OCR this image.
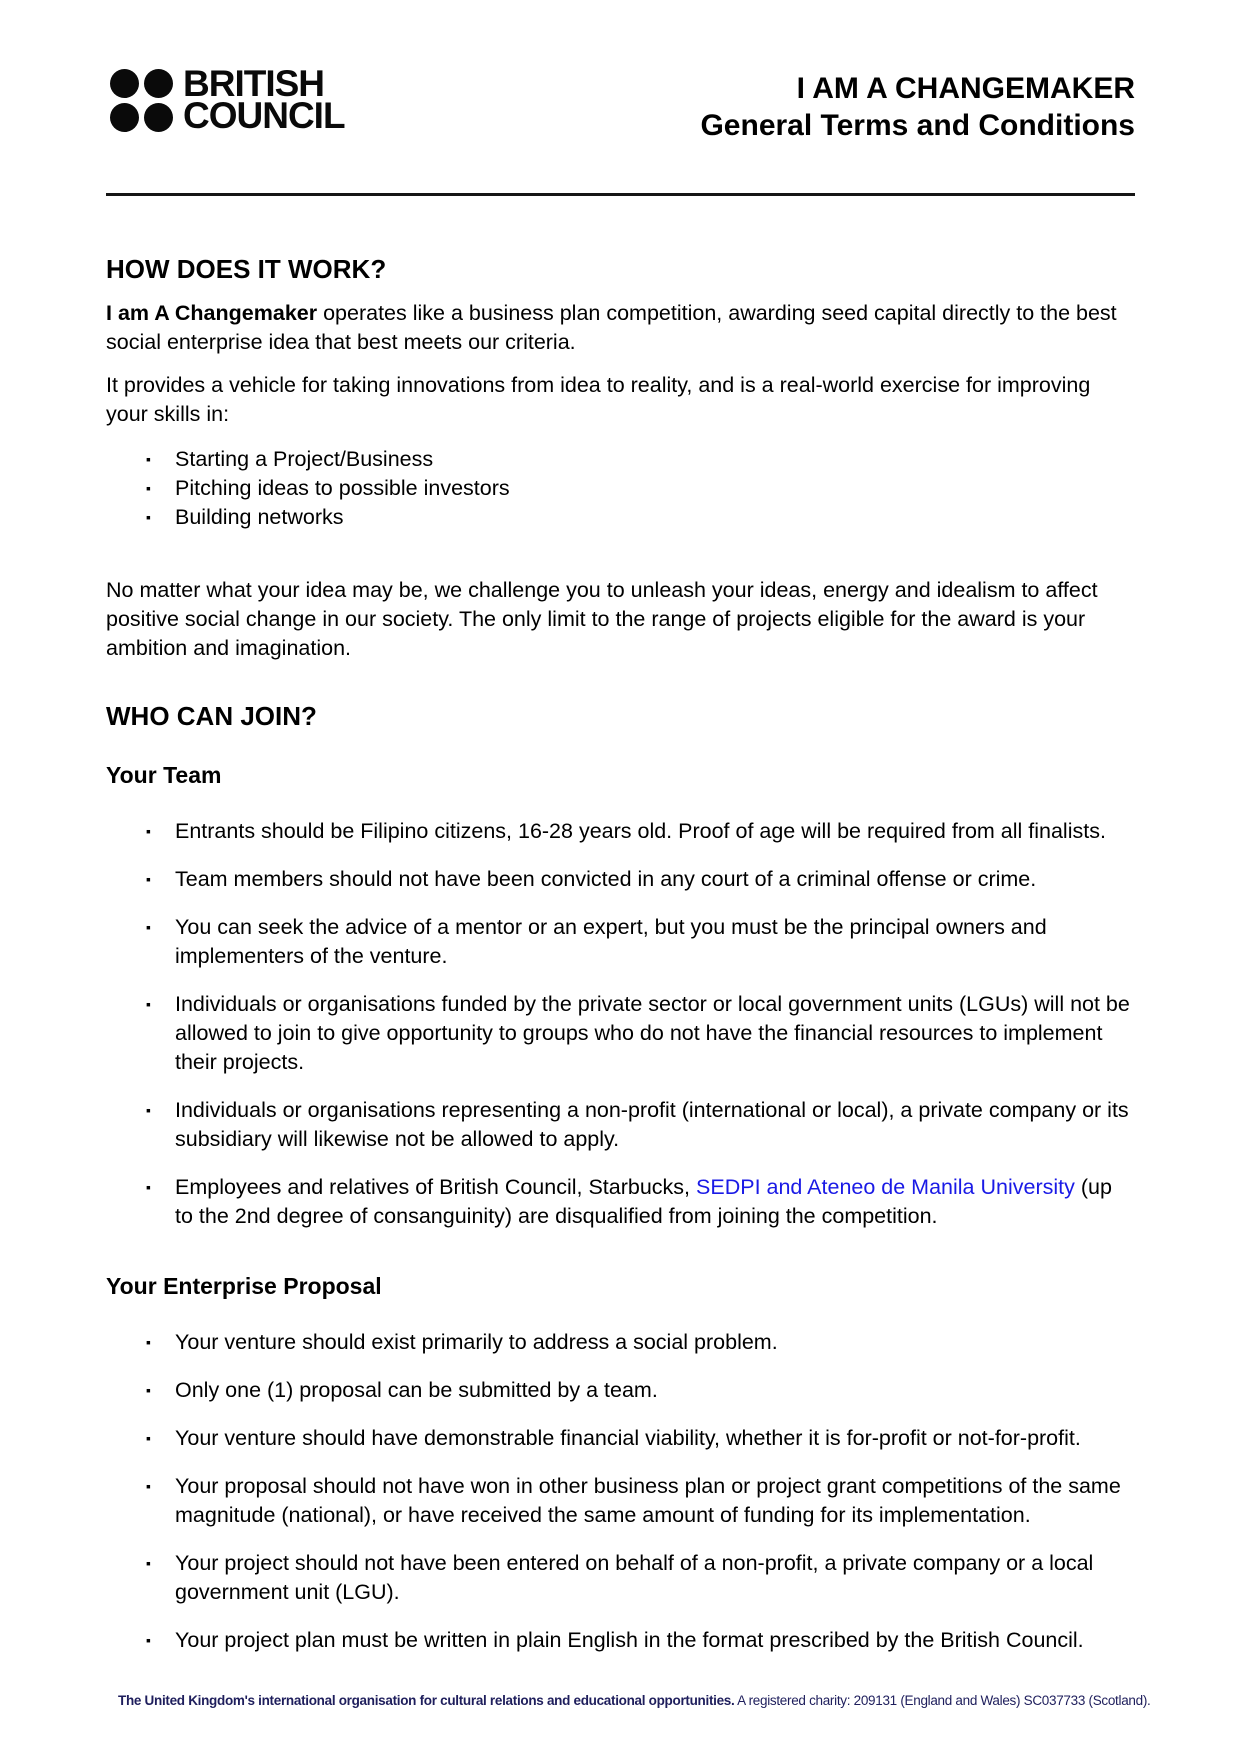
BRITISH
COUNCIL
I AM A CHANGEMAKER
General Terms and Conditions
HOW DOES IT WORK?

I am A Changemaker operates like a business plan competition, awarding seed capital directly to the best social enterprise idea that best meets our criteria.

It provides a vehicle for taking innovations from idea to reality, and is a real-world exercise for improving your skills in:

▪	Starting a Project/Business
▪	Pitching ideas to possible investors
▪	Building networks

No matter what your idea may be, we challenge you to unleash your ideas, energy and idealism to affect positive social change in our society. The only limit to the range of projects eligible for the award is your ambition and imagination.

WHO CAN JOIN?
Your Team
▪	Entrants should be Filipino citizens, 16-28 years old. Proof of age will be required from all finalists.
▪	Team members should not have been convicted in any court of a criminal offense or crime.
▪	You can seek the advice of a mentor or an expert, but you must be the principal owners and implementers of the venture.
▪	Individuals or organisations funded by the private sector or local government units (LGUs) will not be allowed to join to give opportunity to groups who do not have the financial resources to implement their projects.
▪	Individuals or organisations representing a non-profit (international or local), a private company or its subsidiary will likewise not be allowed to apply.
▪	Employees and relatives of British Council, Starbucks, SEDPI and Ateneo de Manila University (up to the 2nd degree of consanguinity) are disqualified from joining the competition.
Your Enterprise Proposal
▪	Your venture should exist primarily to address a social problem.
▪	Only one (1) proposal can be submitted by a team.
▪	Your venture should have demonstrable financial viability, whether it is for-profit or not-for-profit.
▪	Your proposal should not have won in other business plan or project grant competitions of the same magnitude (national), or have received the same amount of funding for its implementation.
▪	Your project should not have been entered on behalf of a non-profit, a private company or a local government unit (LGU).
▪	Your project plan must be written in plain English in the format prescribed by the British Council.
The United Kingdom's international organisation for cultural relations and educational opportunities. A registered charity: 209131 (England and Wales) SC037733 (Scotland).
